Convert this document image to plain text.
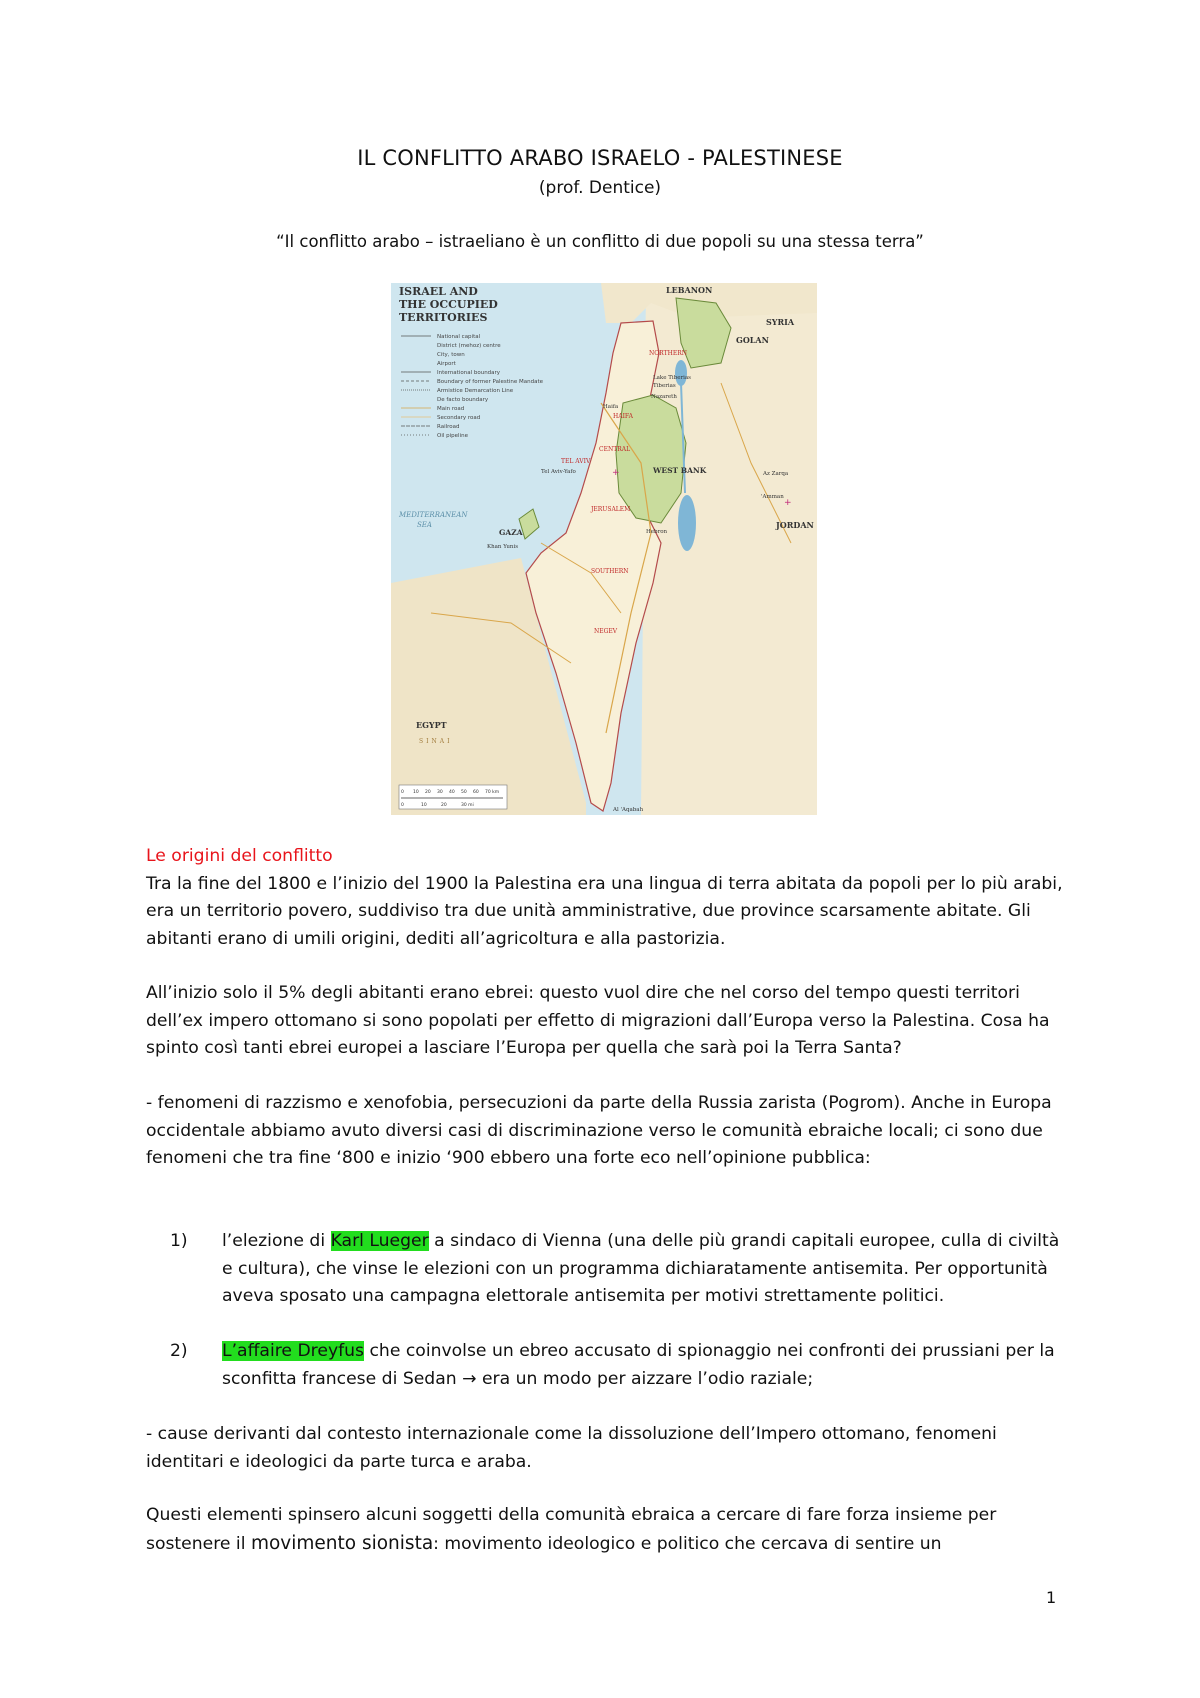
IL CONFLITTO ARABO ISRAELO - PALESTINESE
(prof. Dentice)
“Il conflitto arabo – istraeliano è un conflitto di due popoli su una stessa terra”
ISRAEL AND
THE OCCUPIED
TERRITORIES
National capital
District (mehoz) centre
City, town
Airport
International boundary
Boundary of former Palestine Mandate
Armistice Demarcation Line
De facto boundary
Main road
Secondary road
Railroad
Oil pipeline
LEBANON
SYRIA
GOLAN
NORTHERN
Lake Tiberias
Tiberias
Nazareth
Haifa
HAIFA
CENTRAL
TEL AVIV
Tel Aviv-Yafo	WEST BANK
JERUSALEM
MEDITERRANEAN
SEA
GAZA
Khan Yunis
Hebron
SOUTHERN
JORDAN
'Amman
Az Zarqa
NEGEV
EGYPT
SINAI
Al 'Aqabah
+
+
0 10 20 30 40 50 60 70 km
0	10	20	30 mi

Le origini del conflitto

Tra la fine del 1800 e l’inizio del 1900 la Palestina era una lingua di terra abitata da popoli per lo più arabi, era un territorio povero, suddiviso tra due unità amministrative, due province scarsamente abitate. Gli abitanti erano di umili origini, dediti all’agricoltura e alla pastorizia.

All’inizio solo il 5% degli abitanti erano ebrei: questo vuol dire che nel corso del tempo questi territori dell’ex impero ottomano si sono popolati per effetto di migrazioni dall’Europa verso la Palestina. Cosa ha spinto così tanti ebrei europei a lasciare l’Europa per quella che sarà poi la Terra Santa?

- fenomeni di razzismo e xenofobia, persecuzioni da parte della Russia zarista (Pogrom). Anche in Europa occidentale abbiamo avuto diversi casi di discriminazione verso le comunità ebraiche locali; ci sono due fenomeni che tra fine ‘800 e inizio ‘900 ebbero una forte eco nell’opinione pubblica:

1)	l’elezione di Karl Lueger a sindaco di Vienna (una delle più grandi capitali europee, culla di civiltà e cultura), che vinse le elezioni con un programma dichiaratamente antisemita. Per opportunità aveva sposato una campagna elettorale antisemita per motivi strettamente politici.
2)	L’affaire Dreyfus che coinvolse un ebreo accusato di spionaggio nei confronti dei prussiani per la sconfitta francese di Sedan → era un modo per aizzare l’odio raziale;

- cause derivanti dal contesto internazionale come la dissoluzione dell’Impero ottomano, fenomeni identitari e ideologici da parte turca e araba.

Questi elementi spinsero alcuni soggetti della comunità ebraica a cercare di fare forza insieme per sostenere il movimento sionista: movimento ideologico e politico che cercava di sentire un

1
